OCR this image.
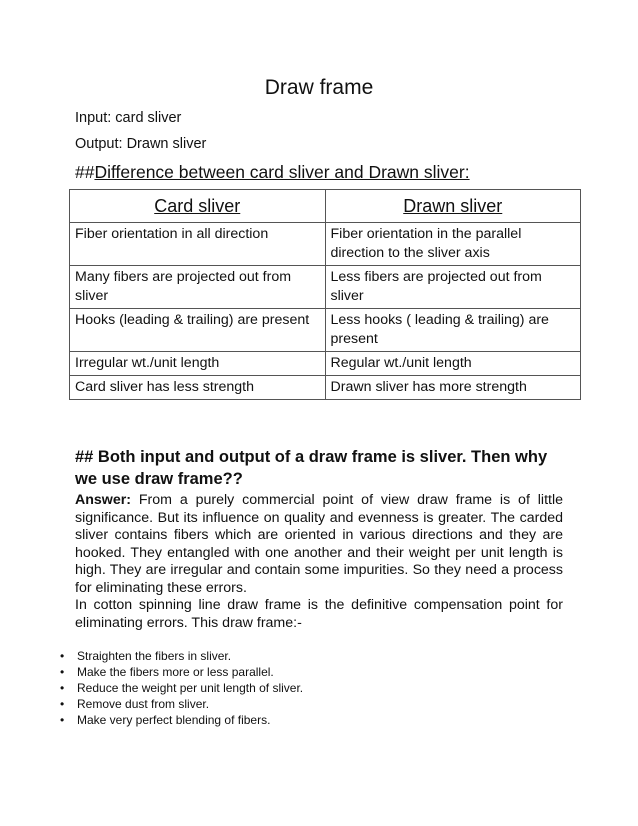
Draw frame
Input: card sliver
Output: Drawn sliver
##Difference between card sliver and Drawn sliver:
Card sliver	Drawn sliver
Fiber orientation in all direction	Fiber orientation in the parallel direction to the sliver axis
Many fibers are projected out from sliver	Less fibers are projected out from sliver
Hooks (leading & trailing) are present	Less hooks ( leading & trailing) are present
Irregular wt./unit length	Regular wt./unit length
Card sliver has less strength	Drawn sliver has more strength
## Both input and output of a draw frame is sliver. Then why we use draw frame??
Answer: From a purely commercial point of view draw frame is of little significance. But its influence on quality and evenness is greater. The carded sliver contains fibers which are oriented in various directions and they are hooked. They entangled with one another and their weight per unit length is high. They are irregular and contain some impurities. So they need a process for eliminating these errors.
In cotton spinning line draw frame is the definitive compensation point for eliminating errors. This draw frame:-
• Straighten the fibers in sliver.
• Make the fibers more or less parallel.
• Reduce the weight per unit length of sliver.
• Remove dust from sliver.
• Make very perfect blending of fibers.
